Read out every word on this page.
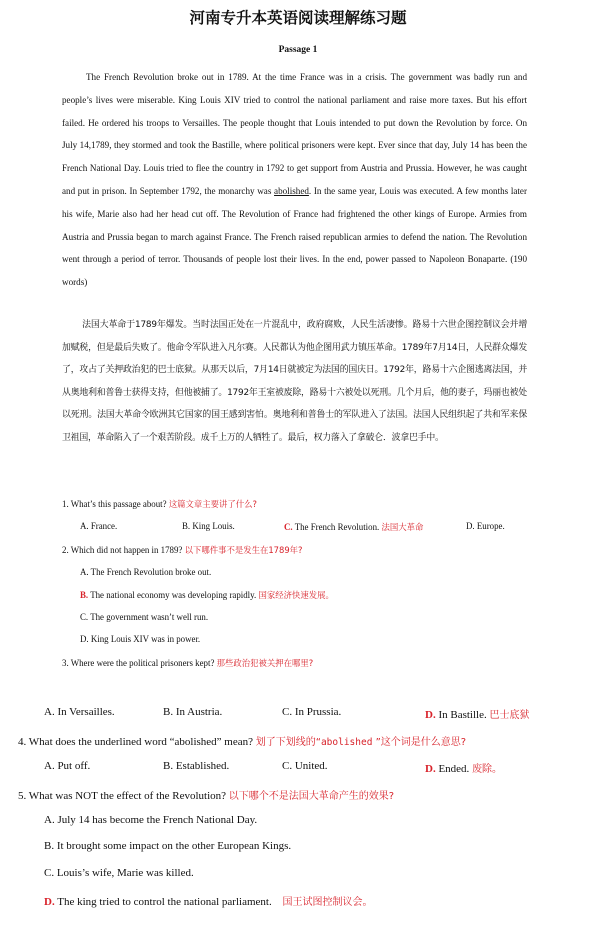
河南专升本英语阅读理解练习题
Passage 1

The French Revolution broke out in 1789. At the time France was in a crisis. The government was badly run and people’s lives were miserable. King Louis XIV tried to control the national parliament and raise more taxes. But his effort failed. He ordered his troops to Versailles. The people thought that Louis intended to put down the Revolution by force. On July 14,1789, they stormed and took the Bastille, where political prisoners were kept. Ever since that day, July 14 has been the French National Day. Louis tried to flee the country in 1792 to get support from Austria and Prussia. However, he was caught and put in prison. In September 1792, the monarchy was abolished. In the same year, Louis was executed. A few months later his wife, Marie also had her head cut off. The Revolution of France had frightened the other kings of Europe. Armies from Austria and Prussia began to march against France. The French raised republican armies to defend the nation. The Revolution went through a period of terror. Thousands of people lost their lives. In the end, power passed to Napoleon Bonaparte. (190 words)

法国大革命于1789年爆发。当时法国正处在一片混乱中，政府腐败，人民生活凄惨。路易十六世企图控制议会并增加赋税，但是最后失败了。他命令军队进入凡尔赛。人民都认为他企图用武力镇压革命。1789年7月14日，人民群众爆发了，攻占了关押政治犯的巴士底狱。从那天以后，7月14日就被定为法国的国庆日。1792年，路易十六企图逃离法国，并从奥地利和普鲁士获得支持，但他被捕了。1792年王室被废除，路易十六被处以死刑。几个月后，他的妻子，玛丽也被处以死刑。法国大革命令欧洲其它国家的国王感到害怕。奥地利和普鲁士的军队进入了法国。法国人民组织起了共和军来保卫祖国，革命陷入了一个艰苦阶段。成千上万的人牺牲了。最后，权力落入了拿破仑．波拿巴手中。

1. What’s this passage about? 这篇文章主要讲了什么?
A. France.	B. King Louis.	C. The French Revolution. 法国大革命	D. Europe.
2. Which did not happen in 1789? 以下哪件事不是发生在1789年?
A. The French Revolution broke out.
B. The national economy was developing rapidly. 国家经济快速发展。
C. The government wasn’t well run.
D. King Louis XIV was in power.
3. Where were the political prisoners kept? 那些政治犯被关押在哪里?
A. In Versailles.	B. In Austria.	C. In Prussia.	D. In Bastille. 巴士底狱
4. What does the underlined word “abolished” mean? 划了下划线的“abolished ”这个词是什么意思?
A. Put off.	B. Established.	C. United.	D. Ended. 废除。
5. What was NOT the effect of the Revolution? 以下哪个不是法国大革命产生的效果?
A. July 14 has become the French National Day.
B. It brought some impact on the other European Kings.
C. Louis’s wife, Marie was killed.
D. The king tried to control the national parliament. 国王试图控制议会。
